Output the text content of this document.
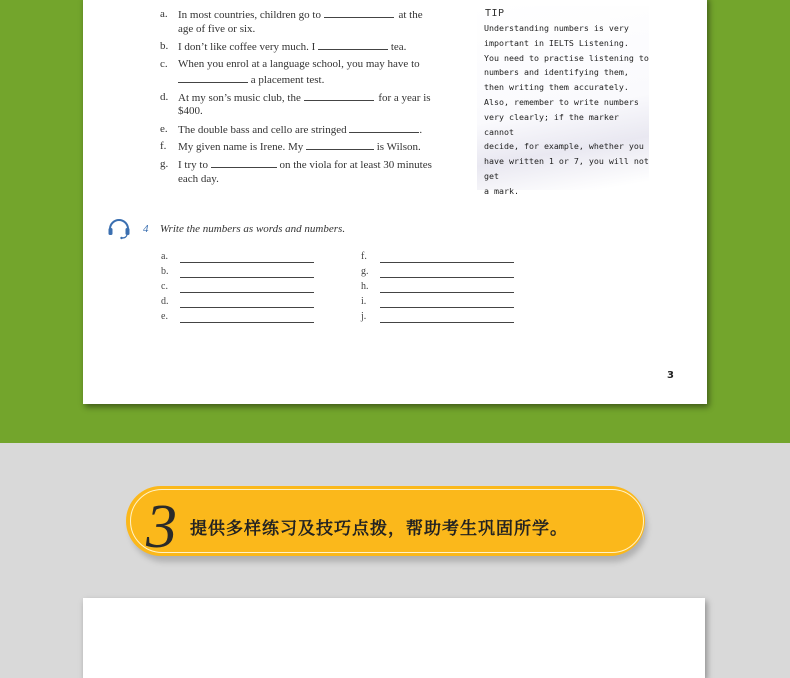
a. In most countries, children go to	at the
age of five or six.
b. I don’t like coffee very much. I	tea.
c. When you enrol at a language school, you may have to
a placement test.
d. At my son’s music club, the	for a year is
$400.
e. The double bass and cello are stringed	.
f. My given name is Irene. My	is Wilson.
g. I try to	on the viola for at least 30 minutes
each day.
3
TIP
Understanding numbers is very
important in IELTS Listening.
You need to practise listening to
numbers and identifying them,
then writing them accurately.
Also, remember to write numbers
very clearly; if the marker cannot
decide, for example, whether you
have written 1 or 7, you will not get
a mark.
4 Write the numbers as words and numbers.
a.
b.
c.
d.
e.
f.
g.
h.
i.
j.
3 提供多样练习及技巧点拨，帮助考生巩固所学。
